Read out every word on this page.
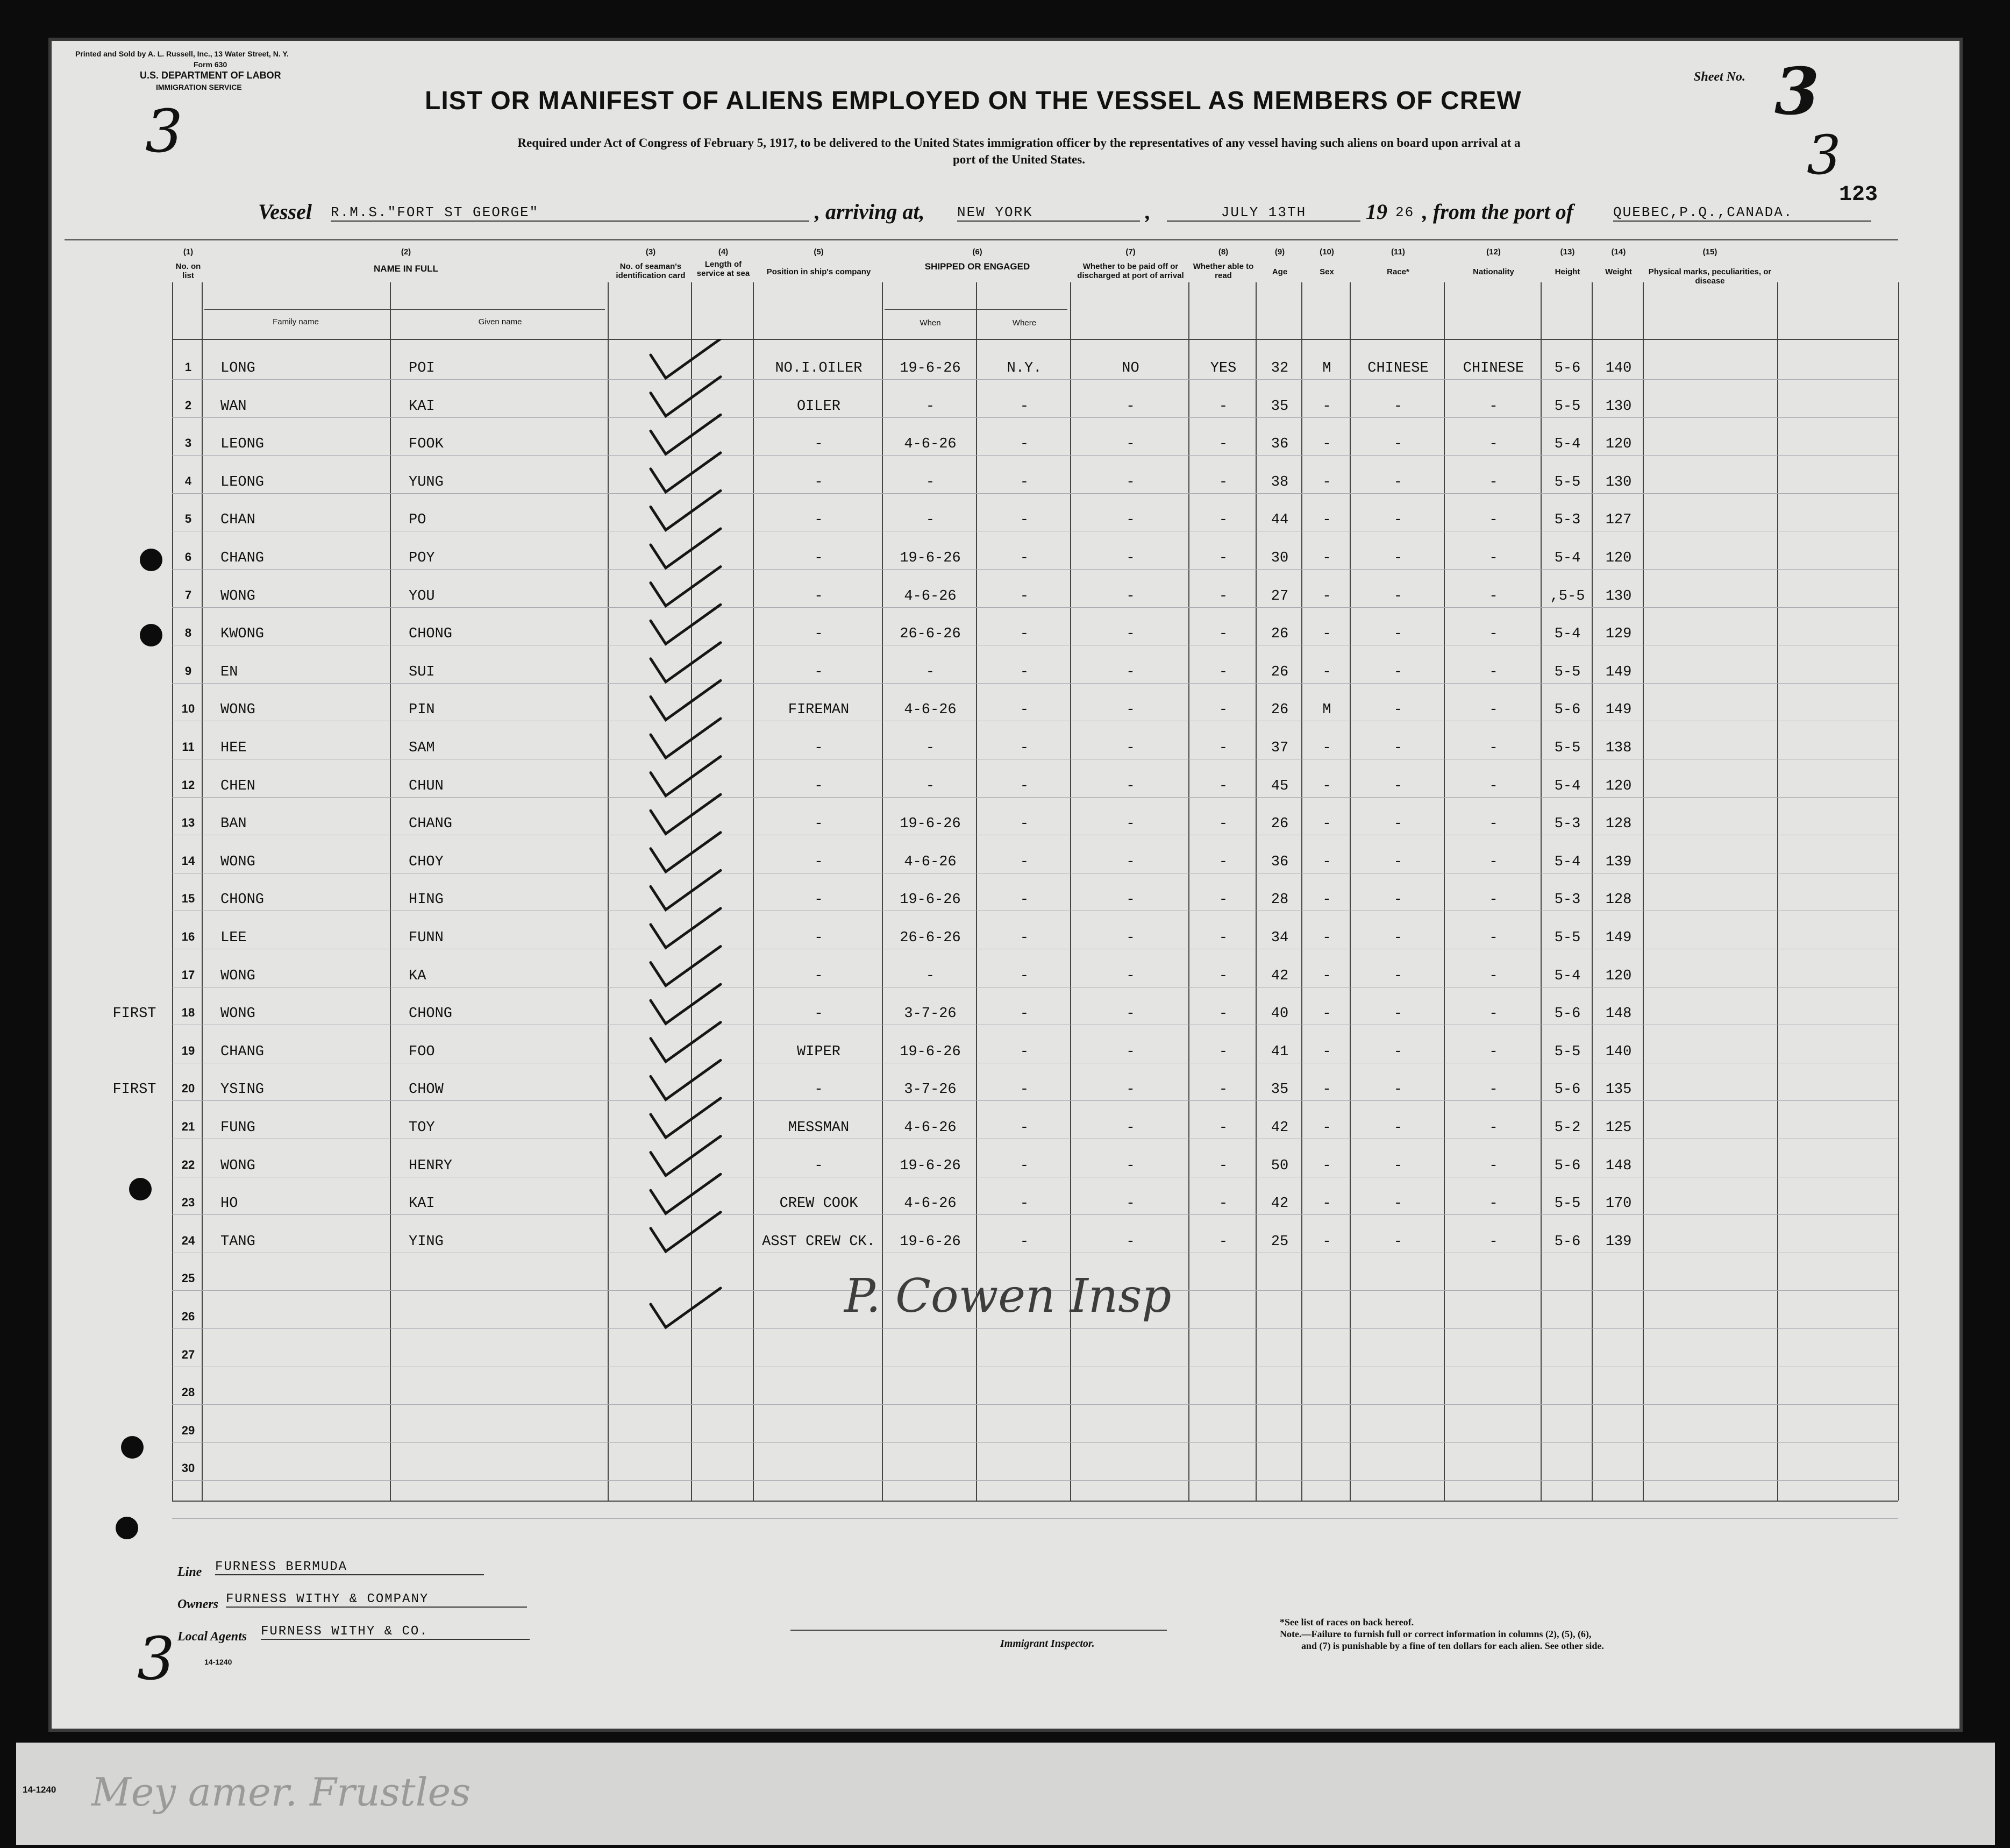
14-1240 Mey amer. Frustles
Printed and Sold by A. L. Russell, Inc., 13 Water Street, N. Y.
Form 630
U.S. DEPARTMENT OF LABOR
IMMIGRATION SERVICE
3	LIST OR MANIFEST OF ALIENS EMPLOYED ON THE VESSEL AS MEMBERS OF CREW
Required under Act of Congress of February 5, 1917, to be delivered to the United States immigration officer by the representatives of any vessel having such aliens on board upon arrival at a
port of the United States.
Sheet No. 3
3
123
Vessel R.M.S."FORT ST GEORGE"	, arriving at, NEW YORK	,	JULY 13TH	19 26 , from the port of	QUEBEC,P.Q.,CANADA.
(1)
No. on list
(2)
NAME IN FULL
Family name	Given name
(3)
No. of seaman's identification card
(4)
Length of service at sea
(5)
Position in ship's company
(6)
SHIPPED OR ENGAGED
When	Where
(7)
Whether to be paid off or discharged at port of arrival
(8)
Whether able to read
(9)
Age
(10)
Sex
(11)
Race*
(12)
Nationality
(13)
Height
(14)
Weight
(15)
Physical marks, peculiarities, or disease
1	LONG	POI	NO.I.OILER	19-6-26	N.Y.	NO	YES	32	M	CHINESE	CHINESE	5-6	140
2	WAN	KAI	OILER	-	-	-	-	35	-	-	-	5-5	130
3	LEONG	FOOK	-	4-6-26	-	-	-	36	-	-	-	5-4	120
4	LEONG	YUNG	-	-	-	-	-	38	-	-	-	5-5	130
5	CHAN	PO	-	-	-	-	-	44	-	-	-	5-3	127
6	CHANG	POY	-	19-6-26	-	-	-	30	-	-	-	5-4	120
7	WONG	YOU	-	4-6-26	-	-	-	27	-	-	-	,5-5	130
8	KWONG	CHONG	-	26-6-26	-	-	-	26	-	-	-	5-4	129
9	EN	SUI	-	-	-	-	-	26	-	-	-	5-5	149
10	WONG	PIN	FIREMAN	4-6-26	-	-	-	26	M	-	-	5-6	149
11	HEE	SAM	-	-	-	-	-	37	-	-	-	5-5	138
12	CHEN	CHUN	-	-	-	-	-	45	-	-	-	5-4	120
13	BAN	CHANG	-	19-6-26	-	-	-	26	-	-	-	5-3	128
14	WONG	CHOY	-	4-6-26	-	-	-	36	-	-	-	5-4	139
15	CHONG	HING	-	19-6-26	-	-	-	28	-	-	-	5-3	128
16	LEE	FUNN	-	26-6-26	-	-	-	34	-	-	-	5-5	149
17	WONG	KA	-	-	-	-	-	42	-	-	-	5-4	120
18	WONG	CHONG	-	3-7-26	-	-	-	40	-	-	-	5-6	148
FIRST
19	CHANG	FOO	WIPER	19-6-26	-	-	-	41	-	-	-	5-5	140
20	YSING	CHOW	-	3-7-26	-	-	-	35	-	-	-	5-6	135
FIRST
21	FUNG	TOY	MESSMAN	4-6-26	-	-	-	42	-	-	-	5-2	125
22	WONG	HENRY	-	19-6-26	-	-	-	50	-	-	-	5-6	148
23	HO	KAI	CREW COOK	4-6-26	-	-	-	42	-	-	-	5-5	170
24	TANG	YING	ASST CREW CK.	19-6-26	-	-	-	25	-	-	-	5-6	139
25
26
27
28
29
30
P. Cowen Insp
Line FURNESS BERMUDA
Owners FURNESS WITHY & COMPANY
Local Agents FURNESS WITHY & CO.
14-1240
3	Immigrant Inspector.
*See list of races on back hereof.
Note.—Failure to furnish full or correct information in columns (2), (5), (6),
and (7) is punishable by a fine of ten dollars for each alien. See other side.
